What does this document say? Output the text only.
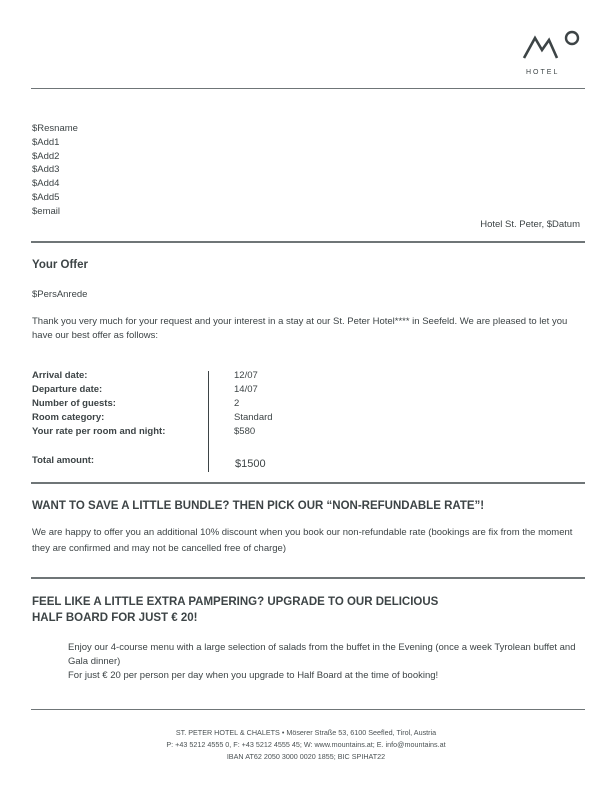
HOTEL
$Resname
$Add1
$Add2
$Add3
$Add4
$Add5
$email
Hotel St. Peter, $Datum
Your Offer
$PersAnrede
Thank you very much for your request and your interest in a stay at our St. Peter Hotel**** in Seefeld. We are pleased to let you have our best offer as follows:
Arrival date:	12/07
Departure date:	14/07
Number of guests:	2
Room category:	Standard
Your rate per room and night:	$580
Total amount:	$1500
WANT TO SAVE A LITTLE BUNDLE? THEN PICK OUR “NON-REFUNDABLE RATE”!
We are happy to offer you an additional 10% discount when you book our non-refundable rate (bookings are fix from the moment they are confirmed and may not be cancelled free of charge)
FEEL LIKE A LITTLE EXTRA PAMPERING? UPGRADE TO OUR DELICIOUS
HALF BOARD FOR JUST € 20!
Enjoy our 4-course menu with a large selection of salads from the buffet in the Evening (once a week Tyrolean buffet and Gala dinner)
For just € 20 per person per day when you upgrade to Half Board at the time of booking!
ST. PETER HOTEL & CHALETS • Möserer Straße 53, 6100 Seefled, Tirol, Austria
P: +43 5212 4555 0, F: +43 5212 4555 45; W: www.mountains.at; E. info@mountains.at
IBAN AT62 2050 3000 0020 1855; BIC SPIHAT22
